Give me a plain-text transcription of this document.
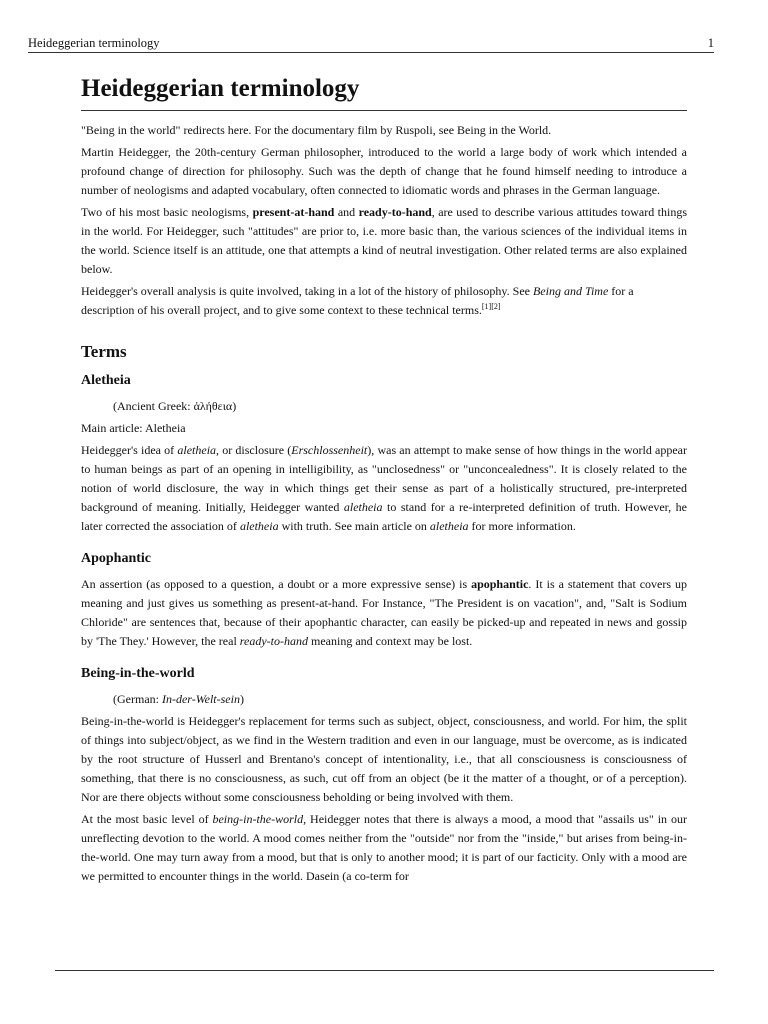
Heideggerian terminology	1
Heideggerian terminology

"Being in the world" redirects here. For the documentary film by Ruspoli, see Being in the World.

Martin Heidegger, the 20th-century German philosopher, introduced to the world a large body of work which intended a profound change of direction for philosophy. Such was the depth of change that he found himself needing to introduce a number of neologisms and adapted vocabulary, often connected to idiomatic words and phrases in the German language.

Two of his most basic neologisms, present-at-hand and ready-to-hand, are used to describe various attitudes toward things in the world. For Heidegger, such "attitudes" are prior to, i.e. more basic than, the various sciences of the individual items in the world. Science itself is an attitude, one that attempts a kind of neutral investigation. Other related terms are also explained below.

Heidegger's overall analysis is quite involved, taking in a lot of the history of philosophy. See Being and Time for a description of his overall project, and to give some context to these technical terms.[1][2]

Terms
Aletheia

(Ancient Greek: ἀλήθεια)

Main article: Aletheia

Heidegger's idea of aletheia, or disclosure (Erschlossenheit), was an attempt to make sense of how things in the world appear to human beings as part of an opening in intelligibility, as "unclosedness" or "unconcealedness". It is closely related to the notion of world disclosure, the way in which things get their sense as part of a holistically structured, pre-interpreted background of meaning. Initially, Heidegger wanted aletheia to stand for a re-interpreted definition of truth. However, he later corrected the association of aletheia with truth. See main article on aletheia for more information.

Apophantic

An assertion (as opposed to a question, a doubt or a more expressive sense) is apophantic. It is a statement that covers up meaning and just gives us something as present-at-hand. For Instance, "The President is on vacation", and, "Salt is Sodium Chloride" are sentences that, because of their apophantic character, can easily be picked-up and repeated in news and gossip by 'The They.' However, the real ready-to-hand meaning and context may be lost.

Being-in-the-world

(German: In-der-Welt-sein)

Being-in-the-world is Heidegger's replacement for terms such as subject, object, consciousness, and world. For him, the split of things into subject/object, as we find in the Western tradition and even in our language, must be overcome, as is indicated by the root structure of Husserl and Brentano's concept of intentionality, i.e., that all consciousness is consciousness of something, that there is no consciousness, as such, cut off from an object (be it the matter of a thought, or of a perception). Nor are there objects without some consciousness beholding or being involved with them.

At the most basic level of being-in-the-world, Heidegger notes that there is always a mood, a mood that "assails us" in our unreflecting devotion to the world. A mood comes neither from the "outside" nor from the "inside," but arises from being-in-the-world. One may turn away from a mood, but that is only to another mood; it is part of our facticity. Only with a mood are we permitted to encounter things in the world. Dasein (a co-term for
